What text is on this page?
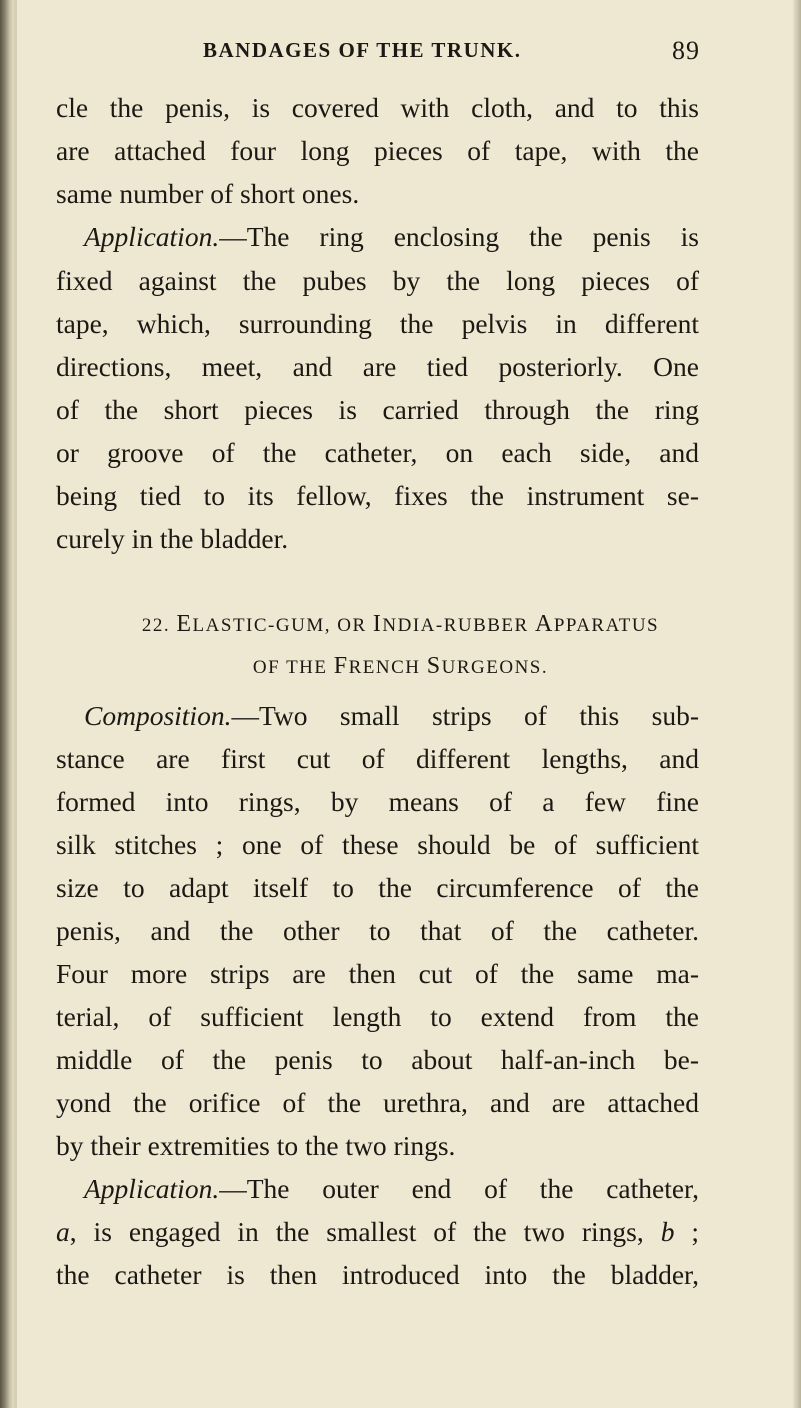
BANDAGES OF THE TRUNK.	89
cle the penis, is covered with cloth, and to this
are attached four long pieces of tape, with the
same number of short ones.
Application.—The ring enclosing the penis is
fixed against the pubes by the long pieces of
tape, which, surrounding the pelvis in different
directions, meet, and are tied posteriorly. One
of the short pieces is carried through the ring
or groove of the catheter, on each side, and
being tied to its fellow, fixes the instrument se-
curely in the bladder.
22. ELASTIC-GUM, OR INDIA-RUBBER APPARATUS
OF THE FRENCH SURGEONS.
Composition.—Two small strips of this sub-
stance are first cut of different lengths, and
formed into rings, by means of a few fine
silk stitches ; one of these should be of sufficient
size to adapt itself to the circumference of the
penis, and the other to that of the catheter.
Four more strips are then cut of the same ma-
terial, of sufficient length to extend from the
middle of the penis to about half-an-inch be-
yond the orifice of the urethra, and are attached
by their extremities to the two rings.
Application.—The outer end of the catheter,
a, is engaged in the smallest of the two rings, b ;
the catheter is then introduced into the bladder,
